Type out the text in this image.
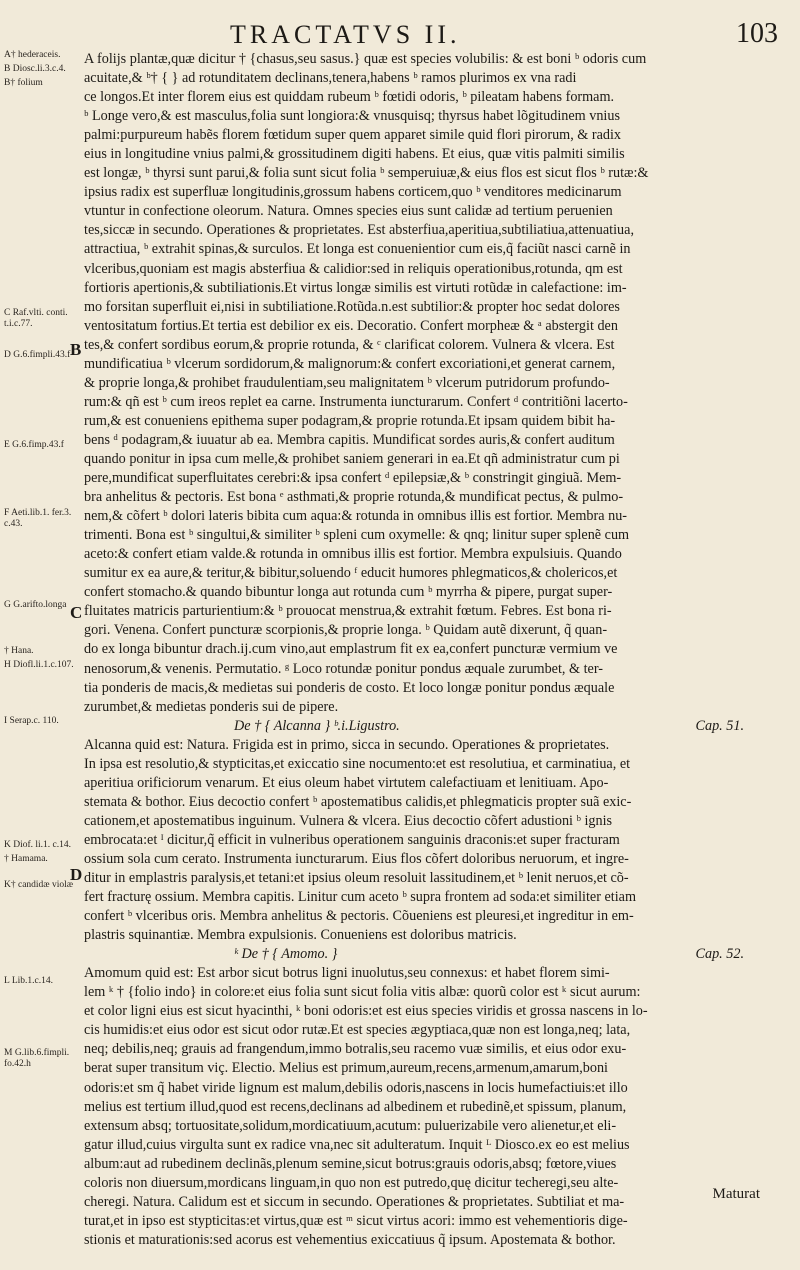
TRACTATVS II.	103
A† hederaceis.
B Diosc.li.3.c.4.
B† folium
C Raf.vlti. conti. t.i.c.77.
D G.6.fimpli.43.f
E G.6.fimp.43.f
F Aeti.lib.1. fer.3. c.43.
G G.arifto.longa
† Hana.
H Diofl.li.1.c.107.
I Serap.c. 110.
K Diof. li.1. c.14.
† Hamama.
K† candidæ violæ
L Lib.1.c.14.
M G.lib.6.fimpli. fo.42.h
A folijs plantæ,quæ dicitur † {chasus,seu sasus.} quæ est species volubilis: & est boni ᵇ odoris cum
acuitate,& ᵇ† { } ad rotunditatem declinans,tenera,habens ᵇ ramos plurimos ex vna radi
ce longos.Et inter florem eius est quiddam rubeum ᵇ fœtidi odoris, ᵇ pileatam habens formam.
ᵇ Longe vero,& est masculus,folia sunt longiora:& vnusquisq; thyrsus habet lõgitudinem vnius
palmi:purpureum habẽs florem fœtidum super quem apparet simile quid flori pirorum, & radix
eius in longitudine vnius palmi,& grossitudinem digiti habens. Et eius, quæ vitis palmiti similis
est longæ, ᵇ thyrsi sunt parui,& folia sunt sicut folia ᵇ semperuiuæ,& eius flos est sicut flos ᵇ rutæ:&
ipsius radix est superfluæ longitudinis,grossum habens corticem,quo ᵇ venditores medicinarum
vtuntur in confectione oleorum. Natura. Omnes species eius sunt calidæ ad tertium peruenien
tes,siccæ in secundo. Operationes & proprietates. Est absterfiua,aperitiua,subtiliatiua,attenuatiua,
attractiua, ᵇ extrahit spinas,& surculos. Et longa est conuenientior cum eis,q̃ faciũt nasci carnẽ in
vlceribus,quoniam est magis absterfiua & calidior:sed in reliquis operationibus,rotunda, qm est
fortioris apertionis,& subtiliationis.Et virtus longæ similis est virtuti rotũdæ in calefactione: im-
mo forsitan superfluit ei,nisi in subtiliatione.Rotũda.n.est subtilior:& propter hoc sedat dolores
ventositatum fortius.Et tertia est debilior ex eis. Decoratio. Confert morpheæ & ᵃ abstergit den
tes,& confert sordibus eorum,& proprie rotunda, & ᶜ clarificat colorem. Vulnera & vlcera. Est
mundificatiua ᵇ vlcerum sordidorum,& malignorum:& confert excoriationi,et generat carnem,
& proprie longa,& prohibet fraudulentiam,seu malignitatem ᵇ vlcerum putridorum profundo-
rum:& qñ est ᵇ cum ireos replet ea carne. Instrumenta iuncturarum. Confert ᵈ contritiõni lacerto-
rum,& est conueniens epithema super podagram,& proprie rotunda.Et ipsam quidem bibit ha-
bens ᵈ podagram,& iuuatur ab ea. Membra capitis. Mundificat sordes auris,& confert auditum
quando ponitur in ipsa cum melle,& prohibet saniem generari in ea.Et qñ administratur cum pi
pere,mundificat superfluitates cerebri:& ipsa confert ᵈ epilepsiæ,& ᵇ constringit gingiuã. Mem-
bra anhelitus & pectoris. Est bona ᵉ asthmati,& proprie rotunda,& mundificat pectus, & pulmo-
nem,& cõfert ᵇ dolori lateris bibita cum aqua:& rotunda in omnibus illis est fortior. Membra nu-
trimenti. Bona est ᵇ singultui,& similiter ᵇ spleni cum oxymelle: & qnq; linitur super splenẽ cum
aceto:& confert etiam valde.& rotunda in omnibus illis est fortior. Membra expulsiuis. Quando
sumitur ex ea aure,& teritur,& bibitur,soluendo ᶠ educit humores phlegmaticos,& cholericos,et
confert stomacho.& quando bibuntur longa aut rotunda cum ᵇ myrrha & pipere, purgat super-
fluitates matricis parturientium:& ᵇ prouocat menstrua,& extrahit fœtum. Febres. Est bona ri-
gori. Venena. Confert puncturæ scorpionis,& proprie longa. ᵇ Quidam autẽ dixerunt, q̃ quan-
do ex longa bibuntur drach.ij.cum vino,aut emplastrum fit ex ea,confert puncturæ vermium ve
nenosorum,& venenis. Permutatio. ᵍ Loco rotundæ ponitur pondus æquale zurumbet, & ter-
tia ponderis de macis,& medietas sui ponderis de costo. Et loco longæ ponitur pondus æquale
zurumbet,& medietas ponderis sui de pipere.
De † { Alcanna } ᵇ.i.Ligustro.	Cap. 51.
Alcanna quid est: Natura. Frigida est in primo, sicca in secundo. Operationes & proprietates.
In ipsa est resolutio,& stypticitas,et exiccatio sine nocumento:et est resolutiua, et carminatiua, et
aperitiua orificiorum venarum. Et eius oleum habet virtutem calefactiuam et lenitiuam. Apo-
stemata & bothor. Eius decoctio confert ᵇ apostematibus calidis,et phlegmaticis propter suã exic-
cationem,et apostematibus inguinum. Vulnera & vlcera. Eius decoctio cõfert adustioni ᵇ ignis
embrocata:et ᴵ dicitur,q̃ efficit in vulneribus operationem sanguinis draconis:et super fracturam
ossium sola cum cerato. Instrumenta iuncturarum. Eius flos cõfert doloribus neruorum, et ingre-
ditur in emplastris paralysis,et tetani:et ipsius oleum resoluit lassitudinem,et ᵇ lenit neruos,et cõ-
fert fracturę ossium. Membra capitis. Linitur cum aceto ᵇ supra frontem ad soda:et similiter etiam
confert ᵇ vlceribus oris. Membra anhelitus & pectoris. Cõueniens est pleuresi,et ingreditur in em-
plastris squinantiæ. Membra expulsionis. Conueniens est doloribus matricis.
ᵏ De † { Amomo. }	Cap. 52.
Amomum quid est: Est arbor sicut botrus ligni inuolutus,seu connexus: et habet florem simi-
lem ᵏ † {folio indo} in colore:et eius folia sunt sicut folia vitis albæ: quorũ color est ᵏ sicut aurum:
et color ligni eius est sicut hyacinthi, ᵏ boni odoris:et est eius species viridis et grossa nascens in lo-
cis humidis:et eius odor est sicut odor rutæ.Et est species ægyptiaca,quæ non est longa,neq; lata,
neq; debilis,neq; grauis ad frangendum,immo botralis,seu racemo vuæ similis, et eius odor exu-
berat super transitum viç. Electio. Melius est primum,aureum,recens,armenum,amarum,boni
odoris:et sm q̃ habet viride lignum est malum,debilis odoris,nascens in locis humefactiuis:et illo
melius est tertium illud,quod est recens,declinans ad albedinem et rubedinẽ,et spissum, planum,
extensum absq; tortuositate,solidum,mordicatiuum,acutum: puluerizabile vero alienetur,et eli-
gatur illud,cuius virgulta sunt ex radice vna,nec sit adulteratum. Inquit ᴸ Diosco.ex eo est melius
album:aut ad rubedinem declinãs,plenum semine,sicut botrus:grauis odoris,absq; fœtore,viues
coloris non diuersum,mordicans linguam,in quo non est putredo,quę dicitur techeregi,seu alte-
cheregi. Natura. Calidum est et siccum in secundo. Operationes & proprietates. Subtiliat et ma-
turat,et in ipso est stypticitas:et virtus,quæ est ᵐ sicut virtus acori: immo est vehementioris dige-
stionis et maturationis:sed acorus est vehementius exiccatiuus q̃ ipsum. Apostemata & bothor.
Maturat
B
C
D
